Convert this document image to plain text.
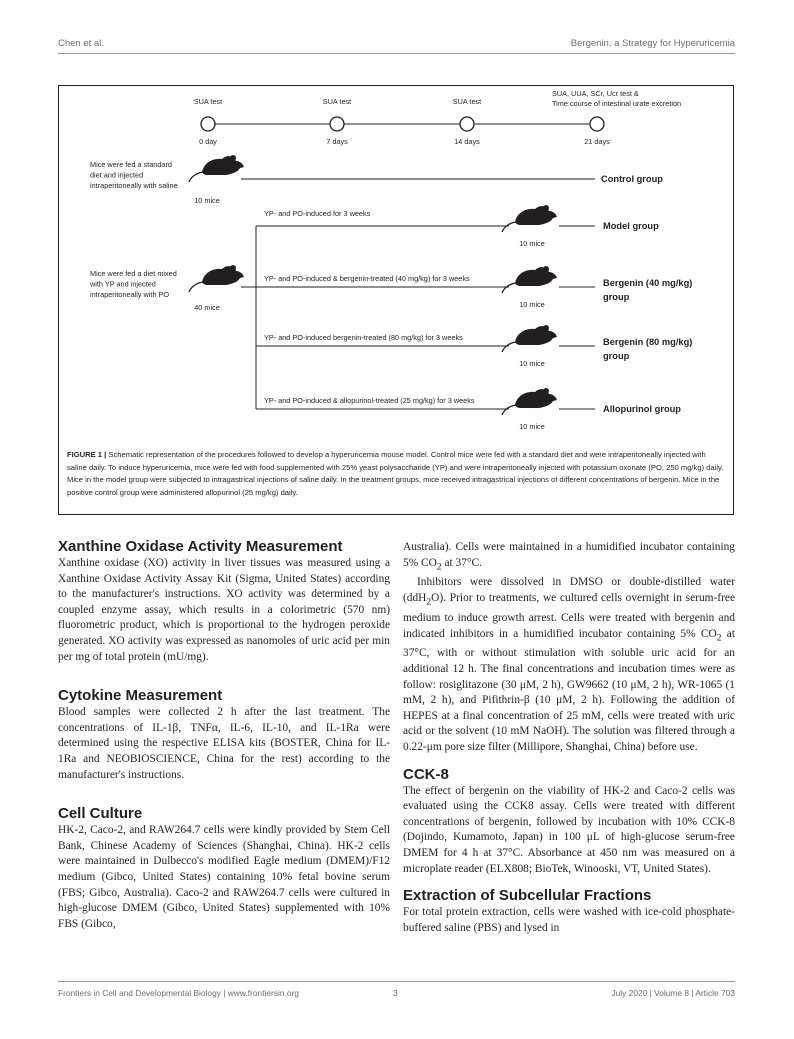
Chen et al.	Bergenin, a Strategy for Hyperuricemia
SUA test
0 day
SUA test
7 days
SUA test
14 days
SUA, UUA, SCr, Ucr test & Time course of intestinal urate excretion
21 days
Mice were fed a standard diet and injected intraperitoneally with saline
10 mice
Control group
Mice were fed a diet mixed with YP and injected intraperitoneally with PO
40 mice
YP- and PO-induced for 3 weeks
10 mice
Model group
YP- and PO-induced & bergenin-treated (40 mg/kg) for 3 weeks
10 mice
Bergenin (40 mg/kg) group
YP- and PO-induced bergenin-treated (80 mg/kg) for 3 weeks
10 mice
Bergenin (80 mg/kg) group
YP- and PO-induced & allopurinol-treated (25 mg/kg) for 3 weeks
10 mice
Allopurinol group
FIGURE 1 | Schematic representation of the procedures followed to develop a hyperuricemia mouse model. Control mice were fed with a standard diet and were intraperitoneally injected with saline daily. To induce hyperuricemia, mice were fed with food supplemented with 25% yeast polysaccharide (YP) and were intraperitoneally injected with potassium oxonate (PO, 250 mg/kg) daily. Mice in the model group were subjected to intragastrical injections of saline daily. In the treatment groups, mice received intragastrical injections of different concentrations of bergenin. Mice in the positive control group were administered allopurinol (25 mg/kg) daily.
Xanthine Oxidase Activity Measurement

Xanthine oxidase (XO) activity in liver tissues was measured using a Xanthine Oxidase Activity Assay Kit (Sigma, United States) according to the manufacturer's instructions. XO activity was determined by a coupled enzyme assay, which results in a colorimetric (570 nm) fluorometric product, which is proportional to the hydrogen peroxide generated. XO activity was expressed as nanomoles of uric acid per min per mg of total protein (mU/mg).

Cytokine Measurement

Blood samples were collected 2 h after the last treatment. The concentrations of IL-1β, TNFα, IL-6, IL-10, and IL-1Ra were determined using the respective ELISA kits (BOSTER, China for IL-1Ra and NEOBIOSCIENCE, China for the rest) according to the manufacturer's instructions.

Cell Culture

HK-2, Caco-2, and RAW264.7 cells were kindly provided by Stem Cell Bank, Chinese Academy of Sciences (Shanghai, China). HK-2 cells were maintained in Dulbecco's modified Eagle medium (DMEM)/F12 medium (Gibco, United States) containing 10% fetal bovine serum (FBS; Gibco, Australia). Caco-2 and RAW264.7 cells were cultured in high-glucose DMEM (Gibco, United States) supplemented with 10% FBS (Gibco,

Australia). Cells were maintained in a humidified incubator containing 5% $CO_2$ at 37°C.

Inhibitors were dissolved in DMSO or double-distilled water (ddH$_2$O). Prior to treatments, we cultured cells overnight in serum-free medium to induce growth arrest. Cells were treated with bergenin and indicated inhibitors in a humidified incubator containing 5% $CO_2$ at 37°C, with or without stimulation with soluble uric acid for an additional 12 h. The final concentrations and incubation times were as follow: rosiglitazone (30 μM, 2 h), GW9662 (10 μM, 2 h), WR-1065 (1 mM, 2 h), and Pifithrin-β (10 μM, 2 h). Following the addition of HEPES at a final concentration of 25 mM, cells were treated with uric acid or the solvent (10 mM NaOH). The solution was filtered through a 0.22-μm pore size filter (Millipore, Shanghai, China) before use.

CCK-8

The effect of bergenin on the viability of HK-2 and Caco-2 cells was evaluated using the CCK8 assay. Cells were treated with different concentrations of bergenin, followed by incubation with 10% CCK-8 (Dojindo, Kumamoto, Japan) in 100 μL of high-glucose serum-free DMEM for 4 h at 37°C. Absorbance at 450 nm was measured on a microplate reader (ELX808; BioTek, Winooski, VT, United States).

Extraction of Subcellular Fractions

For total protein extraction, cells were washed with ice-cold phosphate-buffered saline (PBS) and lysed in

Frontiers in Cell and Developmental Biology | www.frontiersin.org	3	July 2020 | Volume 8 | Article 703
